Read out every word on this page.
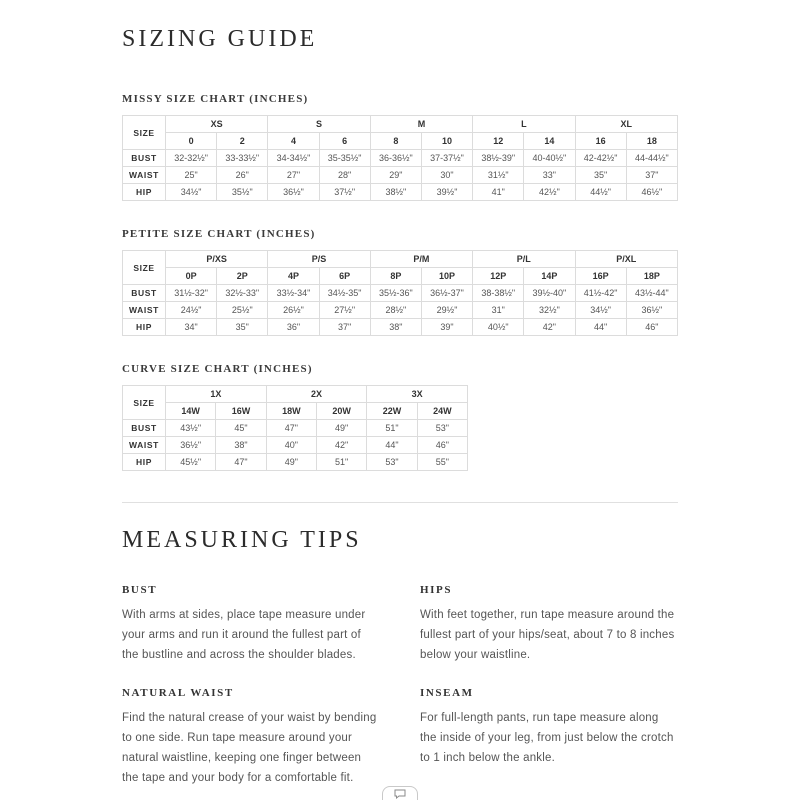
SIZING GUIDE
MISSY SIZE CHART (INCHES)
SIZE	XS		S		M		L		XL	
	0	2	4	6	8	10	12	14	16	18
BUST	32-32½"	33-33½"	34-34½"	35-35½"	36-36½"	37-37½"	38½-39"	40-40½"	42-42½"	44-44½"
WAIST	25"	26"	27"	28"	29"	30"	31½"	33"	35"	37"
HIP	34½"	35½"	36½"	37½"	38½"	39½"	41"	42½"	44½"	46½"
PETITE SIZE CHART (INCHES)
SIZE	P/XS		P/S		P/M		P/L		P/XL	
	0P	2P	4P	6P	8P	10P	12P	14P	16P	18P
BUST	31½-32"	32½-33"	33½-34"	34½-35"	35½-36"	36½-37"	38-38½"	39½-40"	41½-42"	43½-44"
WAIST	24½"	25½"	26½"	27½"	28½"	29½"	31"	32½"	34½"	36½"
HIP	34"	35"	36"	37"	38"	39"	40½"	42"	44"	46"
CURVE SIZE CHART (INCHES)
SIZE	1X		2X		3X	
	14W	16W	18W	20W	22W	24W
BUST	43½"	45"	47"	49"	51"	53"
WAIST	36½"	38"	40"	42"	44"	46"
HIP	45½"	47"	49"	51"	53"	55"
MEASURING TIPS
BUST

With arms at sides, place tape measure under your arms and run it around the fullest part of the bustline and across the shoulder blades.

HIPS

With feet together, run tape measure around the fullest part of your hips/seat, about 7 to 8 inches below your waistline.

NATURAL WAIST

Find the natural crease of your waist by bending to one side. Run tape measure around your natural waistline, keeping one finger between the tape and your body for a comfortable fit.

INSEAM

For full-length pants, run tape measure along the inside of your leg, from just below the crotch to 1 inch below the ankle.
